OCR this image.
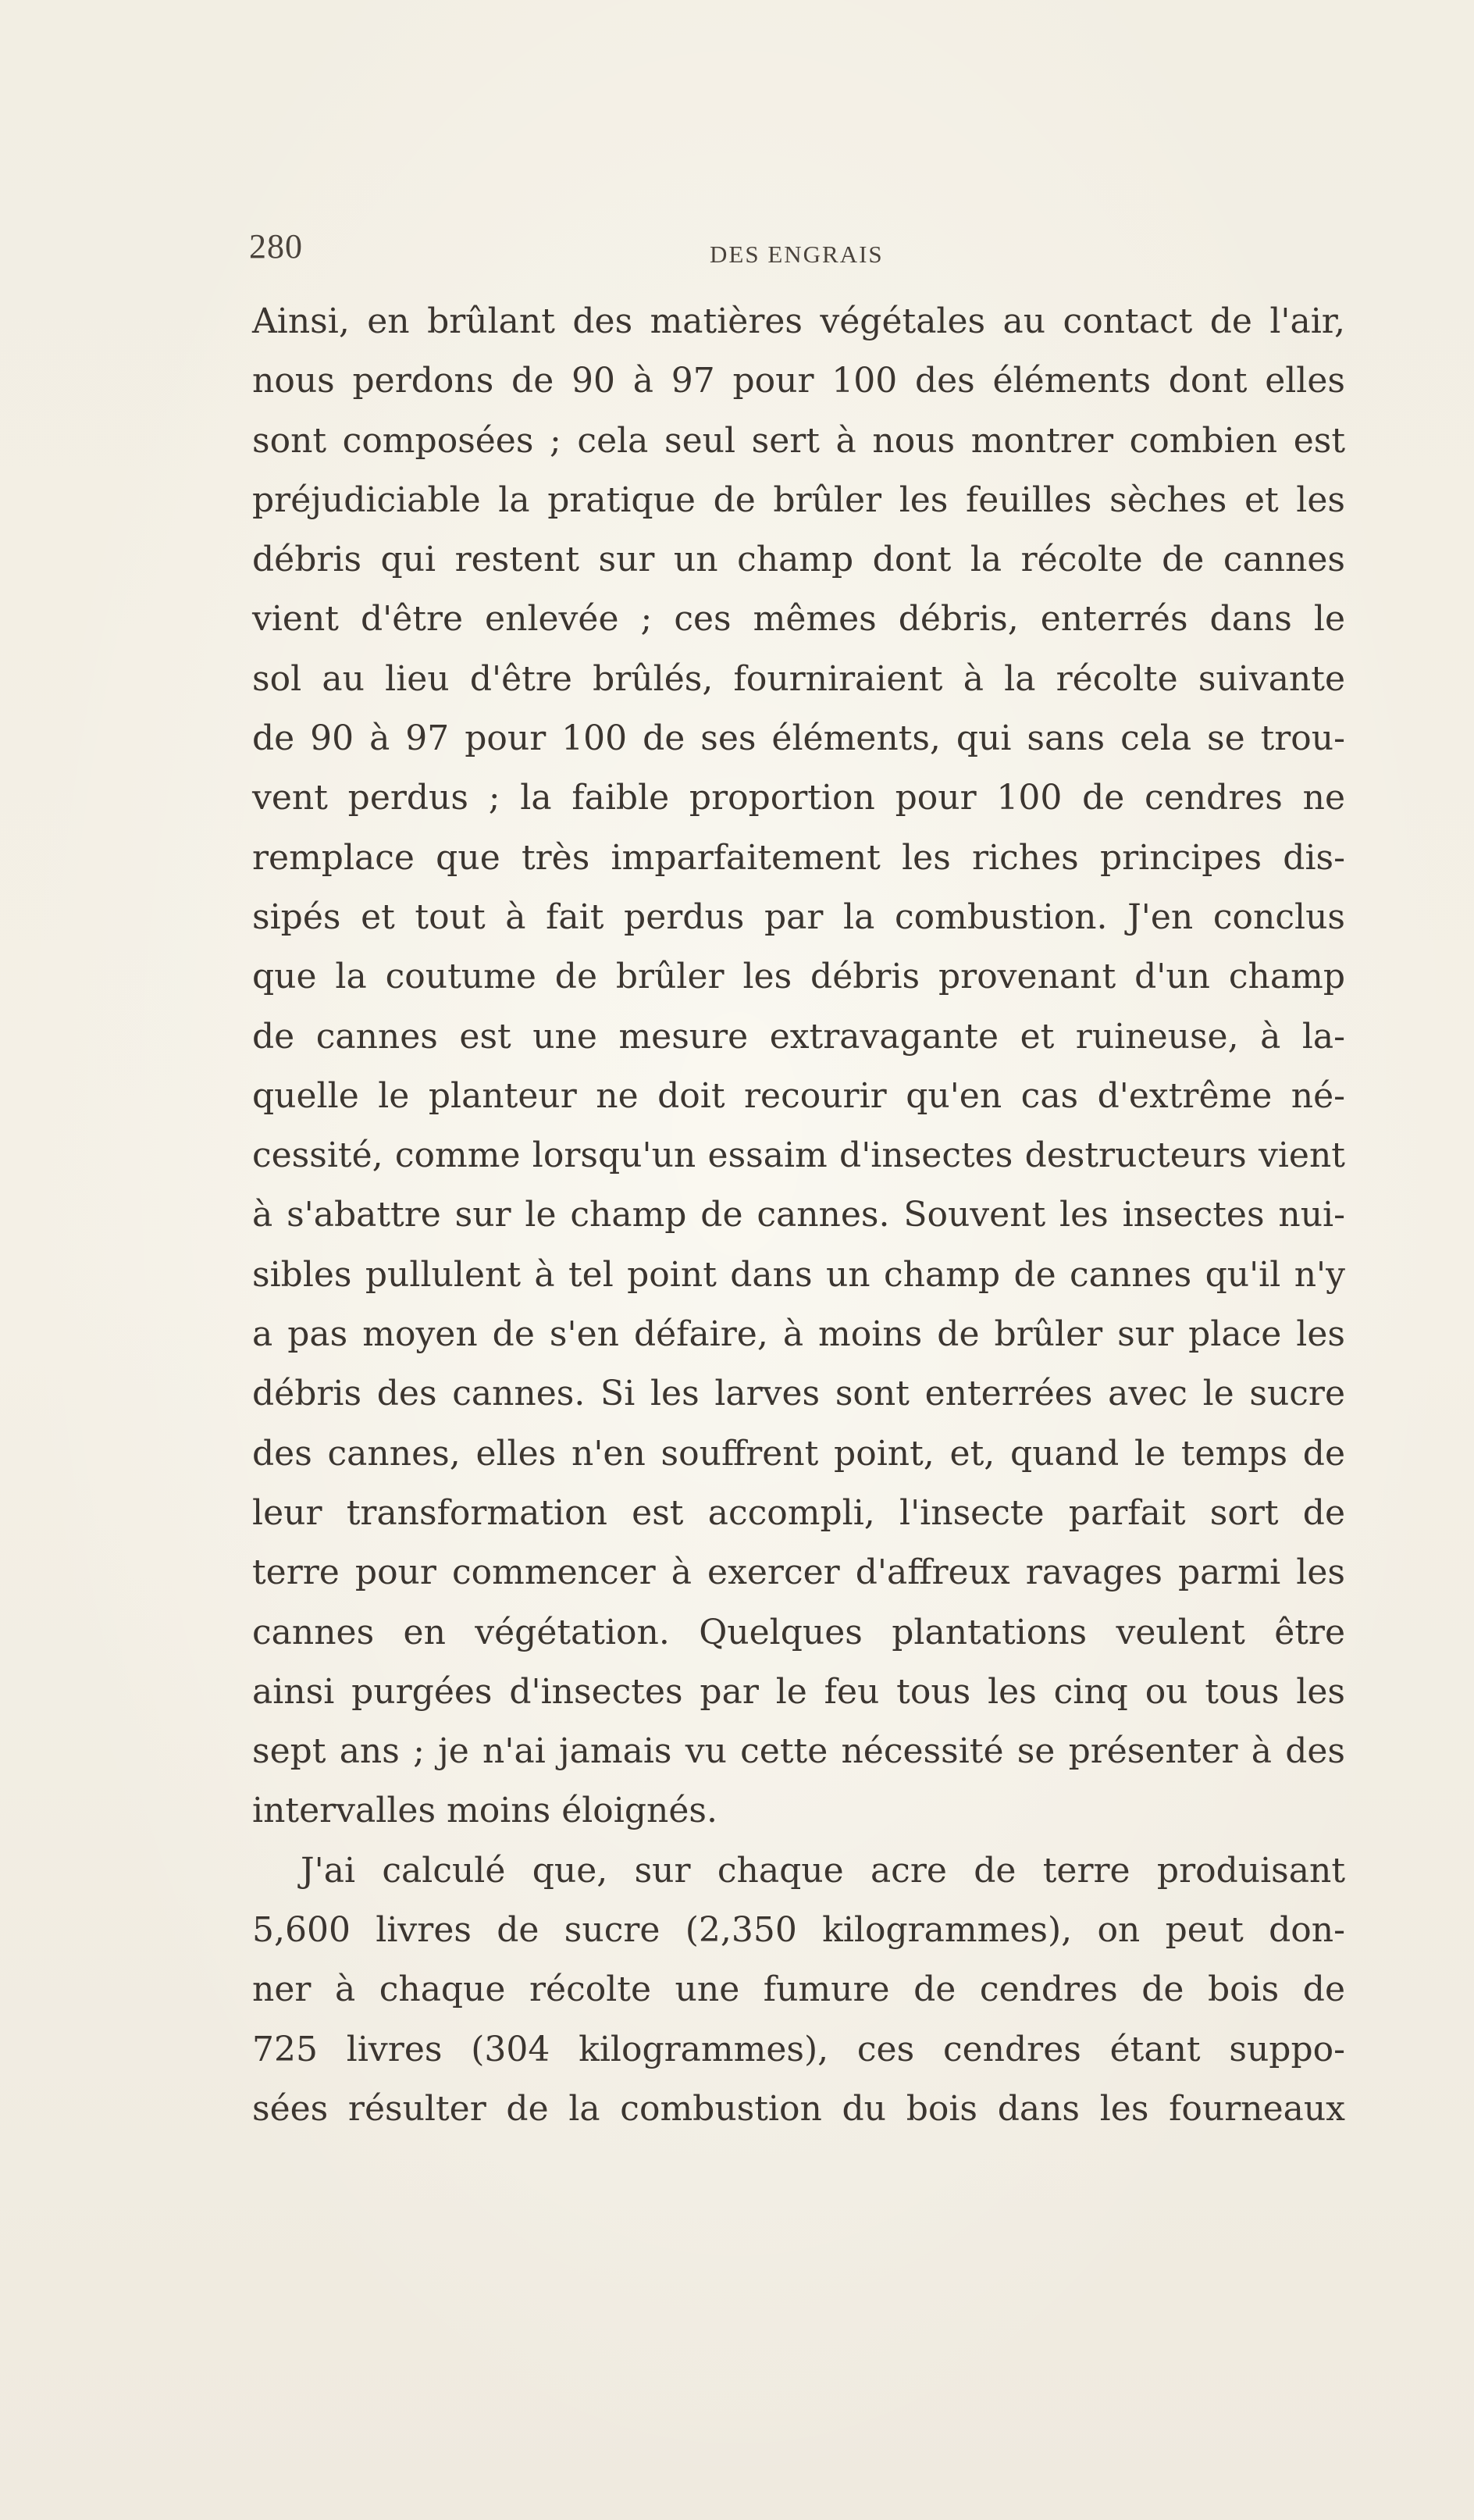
280	DES ENGRAIS
Ainsi, en brûlant des matières végétales au contact de l'air,
nous perdons de 90 à 97 pour 100 des éléments dont elles
sont composées ; cela seul sert à nous montrer combien est
préjudiciable la pratique de brûler les feuilles sèches et les
débris qui restent sur un champ dont la récolte de cannes
vient d'être enlevée ; ces mêmes débris, enterrés dans le
sol au lieu d'être brûlés, fourniraient à la récolte suivante
de 90 à 97 pour 100 de ses éléments, qui sans cela se trou-
vent perdus ; la faible proportion pour 100 de cendres ne
remplace que très imparfaitement les riches principes dis-
sipés et tout à fait perdus par la combustion. J'en conclus
que la coutume de brûler les débris provenant d'un champ
de cannes est une mesure extravagante et ruineuse, à la-
quelle le planteur ne doit recourir qu'en cas d'extrême né-
cessité, comme lorsqu'un essaim d'insectes destructeurs vient
à s'abattre sur le champ de cannes. Souvent les insectes nui-
sibles pullulent à tel point dans un champ de cannes qu'il n'y
a pas moyen de s'en défaire, à moins de brûler sur place les
débris des cannes. Si les larves sont enterrées avec le sucre
des cannes, elles n'en souffrent point, et, quand le temps de
leur transformation est accompli, l'insecte parfait sort de
terre pour commencer à exercer d'affreux ravages parmi les
cannes en végétation. Quelques plantations veulent être
ainsi purgées d'insectes par le feu tous les cinq ou tous les
sept ans ; je n'ai jamais vu cette nécessité se présenter à des
intervalles moins éloignés.
J'ai calculé que, sur chaque acre de terre produisant
5,600 livres de sucre (2,350 kilogrammes), on peut don-
ner à chaque récolte une fumure de cendres de bois de
725 livres (304 kilogrammes), ces cendres étant suppo-
sées résulter de la combustion du bois dans les fourneaux
